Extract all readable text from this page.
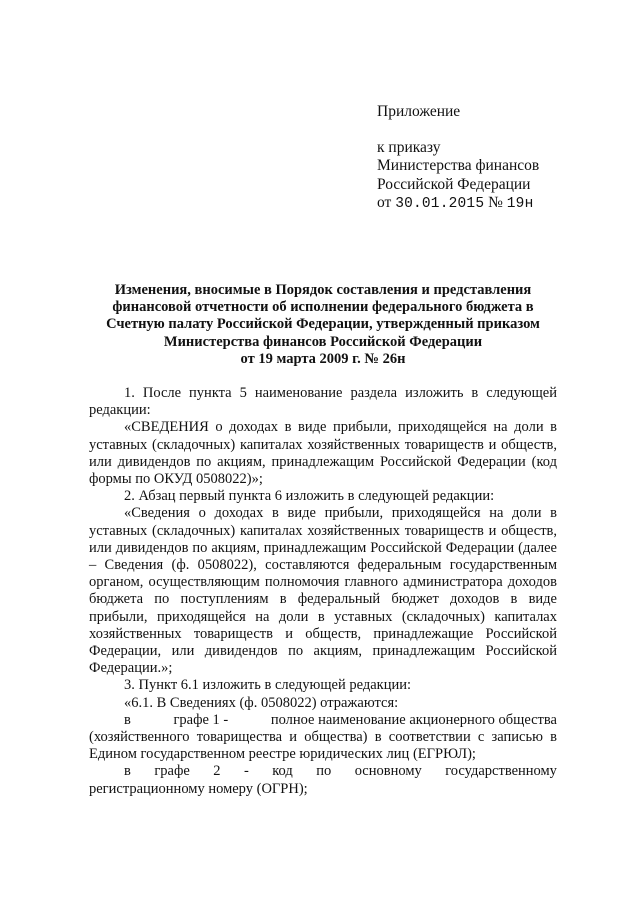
Приложение
к приказу
Министерства финансов
Российской Федерации
от 30.01.2015 № 19н
Изменения, вносимые в Порядок составления и представления
финансовой отчетности об исполнении федерального бюджета в
Счетную палату Российской Федерации, утвержденный приказом
Министерства финансов Российской Федерации
от 19 марта 2009 г. № 26н

1. После пункта 5 наименование раздела изложить в следующей редакции:

«СВЕДЕНИЯ о доходах в виде прибыли, приходящейся на доли в уставных (складочных) капиталах хозяйственных товариществ и обществ, или дивидендов по акциям, принадлежащим Российской Федерации (код формы по ОКУД 0508022)»;

2. Абзац первый пункта 6 изложить в следующей редакции:

«Сведения о доходах в виде прибыли, приходящейся на доли в уставных (складочных) капиталах хозяйственных товариществ и обществ, или дивидендов по акциям, принадлежащим Российской Федерации (далее – Сведения (ф. 0508022), составляются федеральным государственным органом, осуществляющим полномочия главного администратора доходов бюджета по поступлениям в федеральный бюджет доходов в виде прибыли, приходящейся на доли в уставных (складочных) капиталах хозяйственных товариществ и обществ, принадлежащие Российской Федерации, или дивидендов по акциям, принадлежащим Российской Федерации.»;

3. Пункт 6.1 изложить в следующей редакции:

«6.1. В Сведениях (ф. 0508022) отражаются:

в	графе 1 -	полное наименование акционерного общества

(хозяйственного товарищества и общества) в соответствии с записью в Едином государственном реестре юридических лиц (ЕГРЮЛ);

в графе 2 - код по основному государственному

регистрационному номеру (ОГРН);
